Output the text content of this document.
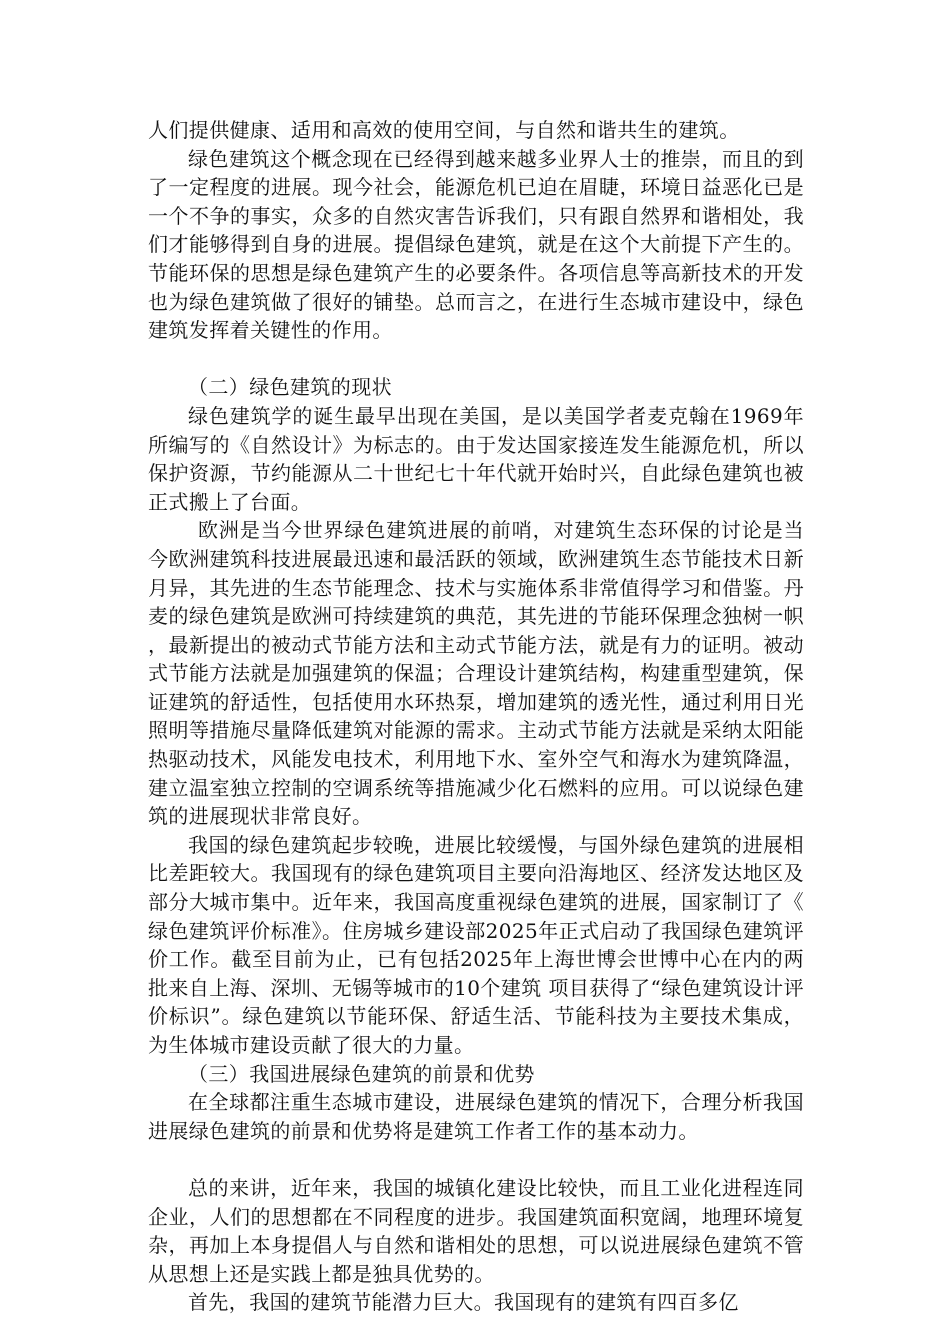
人们提供健康、适用和高效的使用空间，与自然和谐共生的建筑。

绿色建筑这个概念现在已经得到越来越多业界人士的推崇，而且的到了一定程度的进展。现今社会，能源危机已迫在眉睫，环境日益恶化已是一个不争的事实，众多的自然灾害告诉我们，只有跟自然界和谐相处，我们才能够得到自身的进展。提倡绿色建筑，就是在这个大前提下产生的。节能环保的思想是绿色建筑产生的必要条件。各项信息等高新技术的开发也为绿色建筑做了很好的铺垫。总而言之，在进行生态城市建设中，绿色建筑发挥着关键性的作用。

（二）绿色建筑的现状

绿色建筑学的诞生最早出现在美国，是以美国学者麦克翰在1969年所编写的《自然设计》为标志的。由于发达国家接连发生能源危机，所以保护资源，节约能源从二十世纪七十年代就开始时兴，自此绿色建筑也被正式搬上了台面。

欧洲是当今世界绿色建筑进展的前哨，对建筑生态环保的讨论是当今欧洲建筑科技进展最迅速和最活跃的领域，欧洲建筑生态节能技术日新月异，其先进的生态节能理念、技术与实施体系非常值得学习和借鉴。丹麦的绿色建筑是欧洲可持续建筑的典范，其先进的节能环保理念独树一帜，最新提出的被动式节能方法和主动式节能方法，就是有力的证明。被动式节能方法就是加强建筑的保温；合理设计建筑结构，构建重型建筑，保证建筑的舒适性，包括使用水环热泵，增加建筑的透光性，通过利用日光照明等措施尽量降低建筑对能源的需求。主动式节能方法就是采纳太阳能热驱动技术，风能发电技术，利用地下水、室外空气和海水为建筑降温，建立温室独立控制的空调系统等措施减少化石燃料的应用。可以说绿色建筑的进展现状非常良好。

我国的绿色建筑起步较晚，进展比较缓慢，与国外绿色建筑的进展相比差距较大。我国现有的绿色建筑项目主要向沿海地区、经济发达地区及部分大城市集中。近年来，我国高度重视绿色建筑的进展，国家制订了《绿色建筑评价标准》。住房城乡建设部2025年正式启动了我国绿色建筑评价工作。截至目前为止，已有包括2025年上海世博会世博中心在内的两批来自上海、深圳、无锡等城市的10个建筑 项目获得了“绿色建筑设计评价标识”。绿色建筑以节能环保、舒适生活、节能科技为主要技术集成，为生体城市建设贡献了很大的力量。

（三）我国进展绿色建筑的前景和优势

在全球都注重生态城市建设，进展绿色建筑的情况下，合理分析我国进展绿色建筑的前景和优势将是建筑工作者工作的基本动力。

总的来讲，近年来，我国的城镇化建设比较快，而且工业化进程连同企业，人们的思想都在不同程度的进步。我国建筑面积宽阔，地理环境复杂，再加上本身提倡人与自然和谐相处的思想，可以说进展绿色建筑不管从思想上还是实践上都是独具优势的。

首先，我国的建筑节能潜力巨大。我国现有的建筑有四百多亿
